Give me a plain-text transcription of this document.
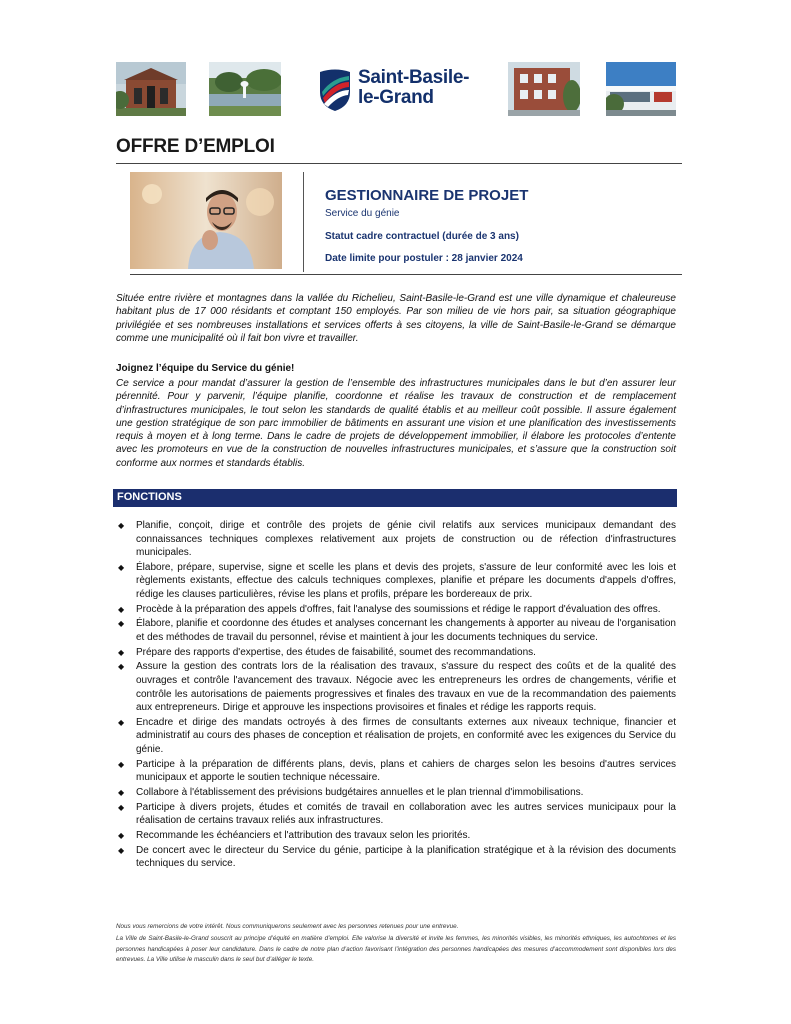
Saint-Basile-
le-Grand
OFFRE D’EMPLOI
GESTIONNAIRE DE PROJET
Service du génie
Statut cadre contractuel (durée de 3 ans)
Date limite pour postuler : 28 janvier 2024
Située entre rivière et montagnes dans la vallée du Richelieu, Saint-Basile-le-Grand est une ville dynamique et chaleureuse habitant plus de 17 000 résidants et comptant 150 employés. Par son milieu de vie hors pair, sa situation géographique privilégiée et ses nombreuses installations et services offerts à ses citoyens, la ville de Saint-Basile-le-Grand se démarque comme une municipalité où il fait bon vivre et travailler.
Joignez l’équipe du Service du génie!
Ce service a pour mandat d’assurer la gestion de l’ensemble des infrastructures municipales dans le but d’en assurer leur pérennité. Pour y parvenir, l’équipe planifie, coordonne et réalise les travaux de construction et de remplacement d’infrastructures municipales, le tout selon les standards de qualité établis et au meilleur coût possible. Il assure également une gestion stratégique de son parc immobilier de bâtiments en assurant une vision et une planification des investissements requis à moyen et à long terme. Dans le cadre de projets de développement immobilier, il élabore les protocoles d’entente avec les promoteurs en vue de la construction de nouvelles infrastructures municipales, et s’assure que la construction soit conforme aux normes et standards établis.
FONCTIONS
◆ Planifie, conçoit, dirige et contrôle des projets de génie civil relatifs aux services municipaux demandant des connaissances techniques complexes relativement aux projets de construction ou de réfection d'infrastructures municipales.
◆ Élabore, prépare, supervise, signe et scelle les plans et devis des projets, s'assure de leur conformité avec les lois et règlements existants, effectue des calculs techniques complexes, planifie et prépare les documents d'appels d'offres, rédige les clauses particulières, révise les plans et profils, prépare les bordereaux de prix.
◆ Procède à la préparation des appels d'offres, fait l'analyse des soumissions et rédige le rapport d'évaluation des offres.
◆ Élabore, planifie et coordonne des études et analyses concernant les changements à apporter au niveau de l'organisation et des méthodes de travail du personnel, révise et maintient à jour les documents techniques du service.
◆ Prépare des rapports d'expertise, des études de faisabilité, soumet des recommandations.
◆ Assure la gestion des contrats lors de la réalisation des travaux, s'assure du respect des coûts et de la qualité des ouvrages et contrôle l'avancement des travaux. Négocie avec les entrepreneurs les ordres de changements, vérifie et contrôle les autorisations de paiements progressives et finales des travaux en vue de la recommandation des paiements aux entrepreneurs. Dirige et approuve les inspections provisoires et finales et rédige les rapports requis.
◆ Encadre et dirige des mandats octroyés à des firmes de consultants externes aux niveaux technique, financier et administratif au cours des phases de conception et réalisation de projets, en conformité avec les exigences du Service du génie.
◆ Participe à la préparation de différents plans, devis, plans et cahiers de charges selon les besoins d'autres services municipaux et apporte le soutien technique nécessaire.
◆ Collabore à l'établissement des prévisions budgétaires annuelles et le plan triennal d'immobilisations.
◆ Participe à divers projets, études et comités de travail en collaboration avec les autres services municipaux pour la réalisation de certains travaux reliés aux infrastructures.
◆ Recommande les échéanciers et l'attribution des travaux selon les priorités.
◆ De concert avec le directeur du Service du génie, participe à la planification stratégique et à la révision des documents techniques du service.
Nous vous remercions de votre intérêt. Nous communiquerons seulement avec les personnes retenues pour une entrevue.
La Ville de Saint-Basile-le-Grand souscrit au principe d’équité en matière d’emploi. Elle valorise la diversité et invite les femmes, les minorités visibles, les minorités ethniques, les autochtones et les personnes handicapées à poser leur candidature. Dans le cadre de notre plan d’action favorisant l’intégration des personnes handicapées des mesures d’accommodement sont disponibles lors des entrevues. La Ville utilise le masculin dans le seul but d’alléger le texte.
